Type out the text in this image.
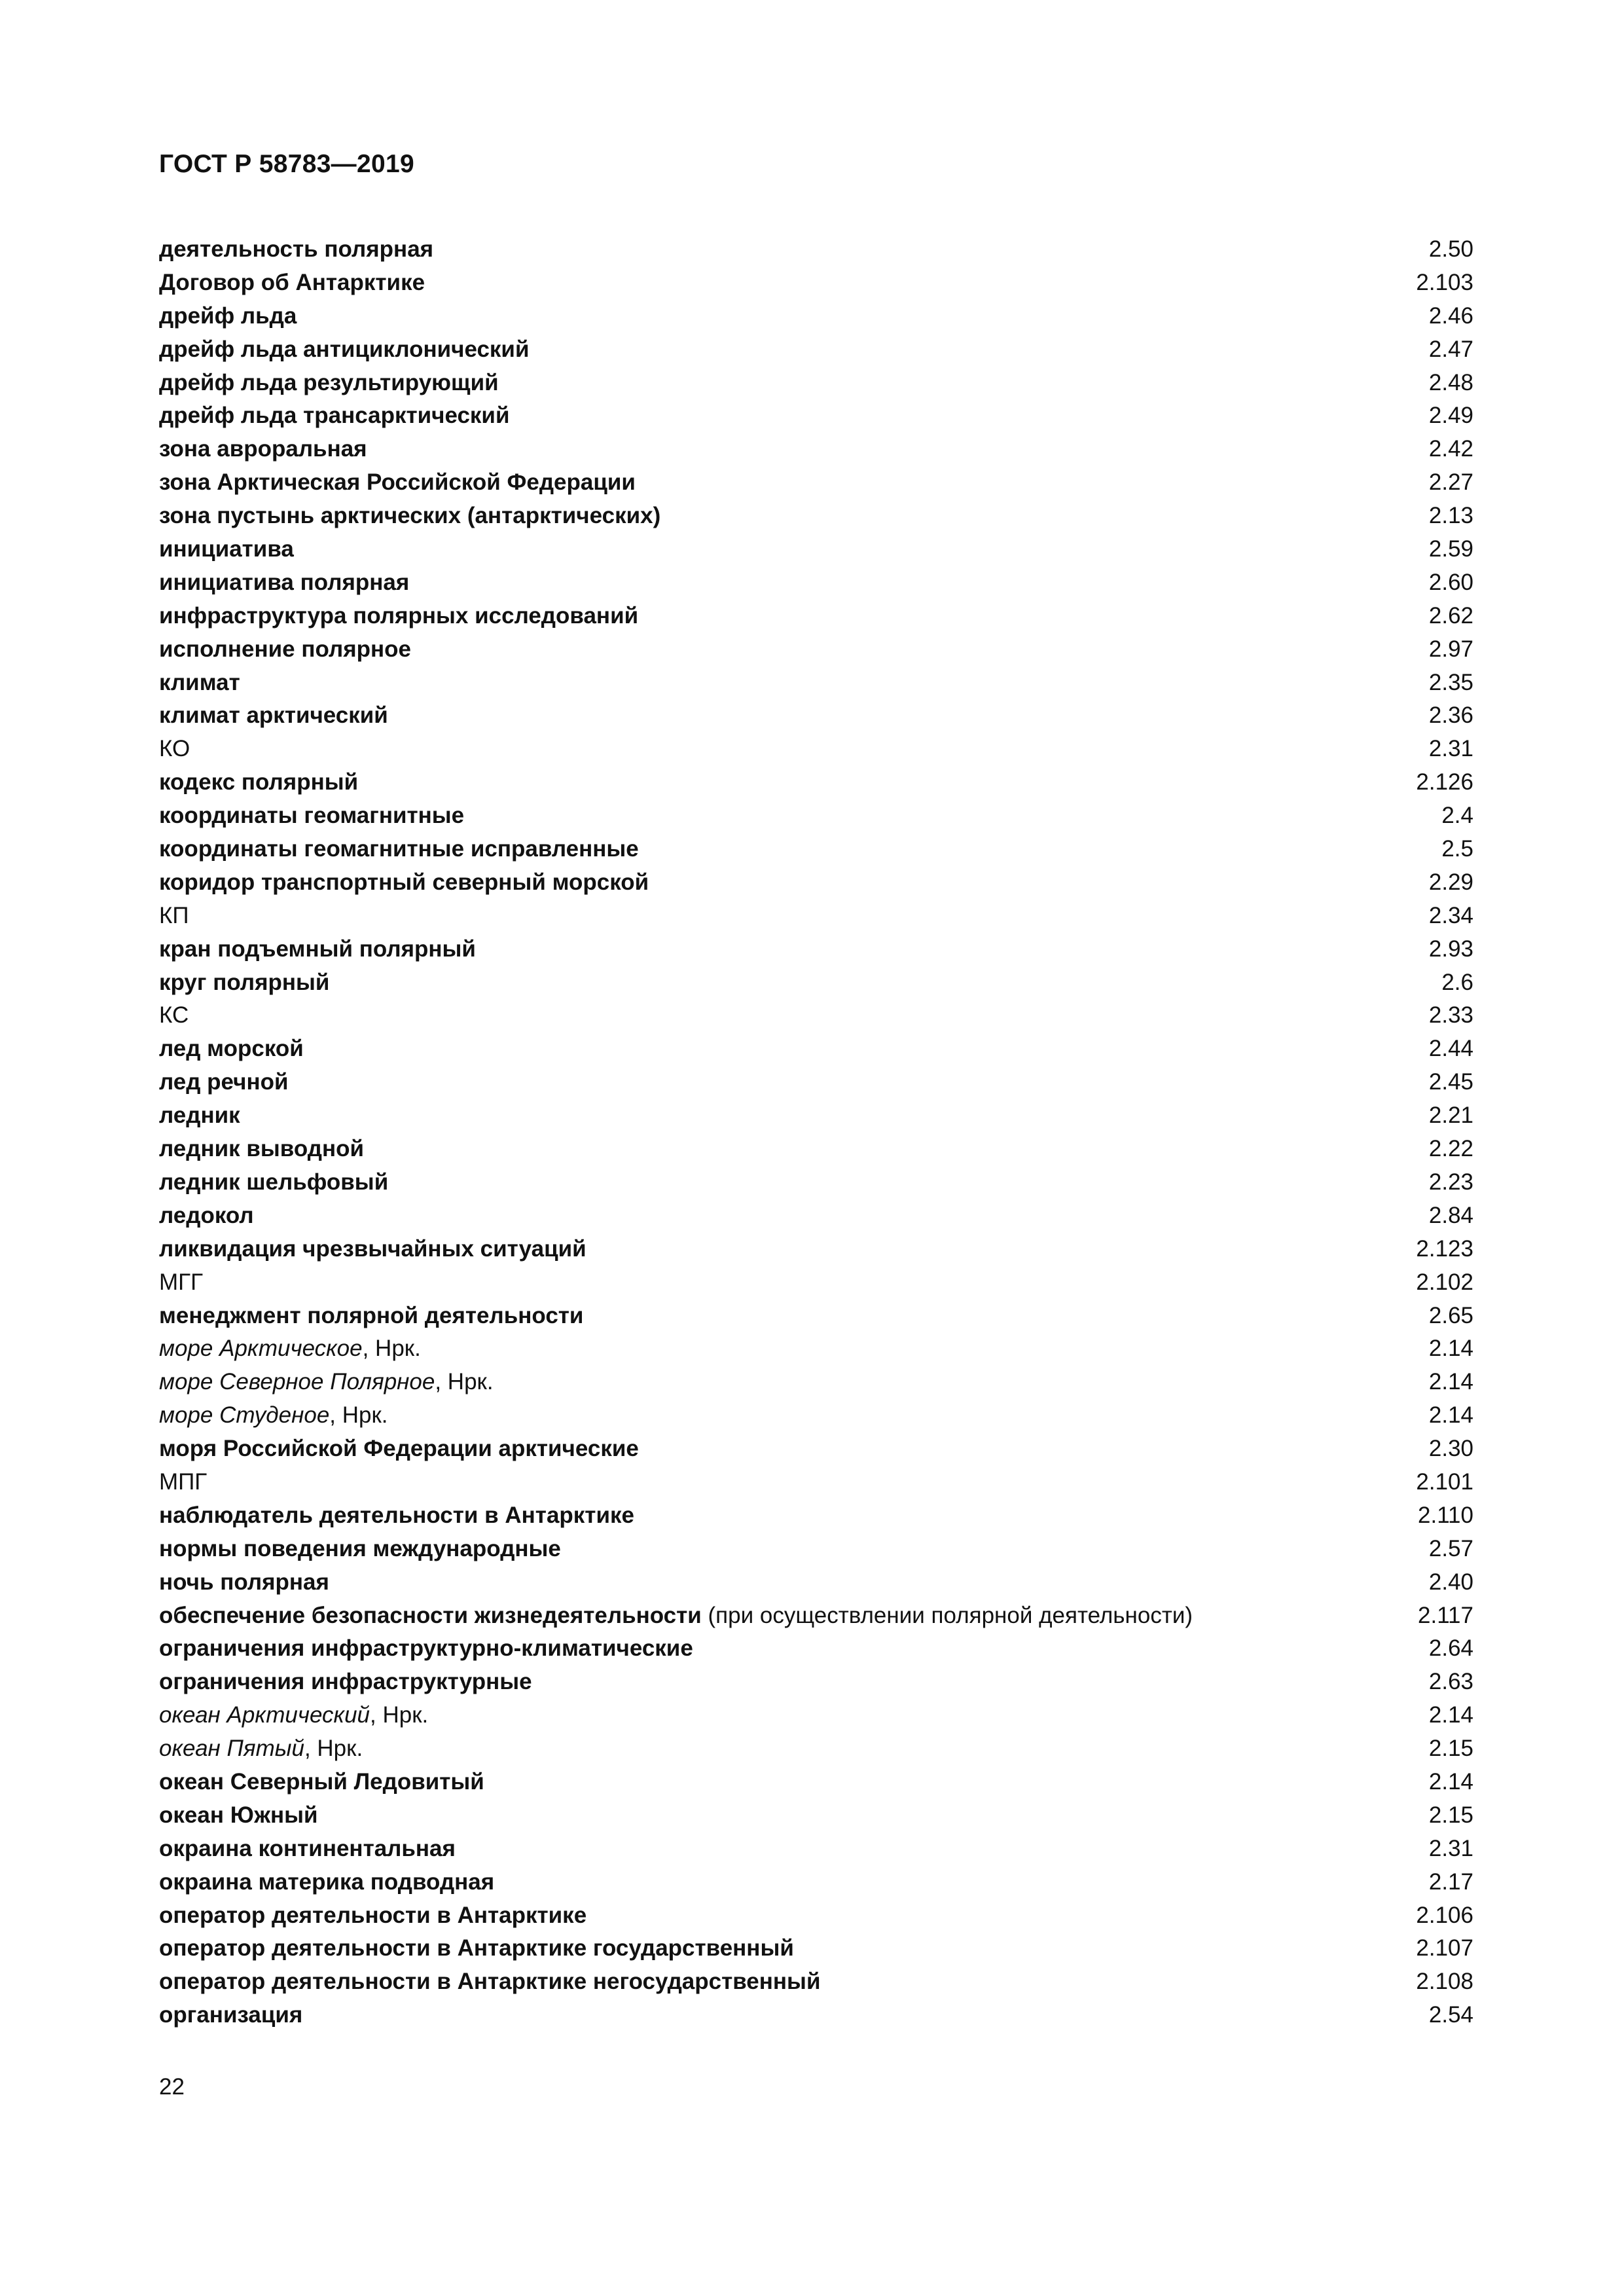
ГОСТ Р 58783—2019
деятельность полярная	2.50
Договор об Антарктике	2.103
дрейф льда	2.46
дрейф льда антициклонический	2.47
дрейф льда результирующий	2.48
дрейф льда трансарктический	2.49
зона авроральная	2.42
зона Арктическая Российской Федерации	2.27
зона пустынь арктических (антарктических)	2.13
инициатива	2.59
инициатива полярная	2.60
инфраструктура полярных исследований	2.62
исполнение полярное	2.97
климат	2.35
климат арктический	2.36
КО	2.31
кодекс полярный	2.126
координаты геомагнитные	2.4
координаты геомагнитные исправленные	2.5
коридор транспортный северный морской	2.29
КП	2.34
кран подъемный полярный	2.93
круг полярный	2.6
КС	2.33
лед морской	2.44
лед речной	2.45
ледник	2.21
ледник выводной	2.22
ледник шельфовый	2.23
ледокол	2.84
ликвидация чрезвычайных ситуаций	2.123
МГГ	2.102
менеджмент полярной деятельности	2.65
море Арктическое, Нрк.	2.14
море Северное Полярное, Нрк.	2.14
море Студеное, Нрк.	2.14
моря Российской Федерации арктические	2.30
МПГ	2.101
наблюдатель деятельности в Антарктике	2.110
нормы поведения международные	2.57
ночь полярная	2.40
обеспечение безопасности жизнедеятельности (при осуществлении полярной деятельности)	2.117
ограничения инфраструктурно-климатические	2.64
ограничения инфраструктурные	2.63
океан Арктический, Нрк.	2.14
океан Пятый, Нрк.	2.15
океан Северный Ледовитый	2.14
океан Южный	2.15
окраина континентальная	2.31
окраина материка подводная	2.17
оператор деятельности в Антарктике	2.106
оператор деятельности в Антарктике государственный	2.107
оператор деятельности в Антарктике негосударственный	2.108
организация	2.54
22
